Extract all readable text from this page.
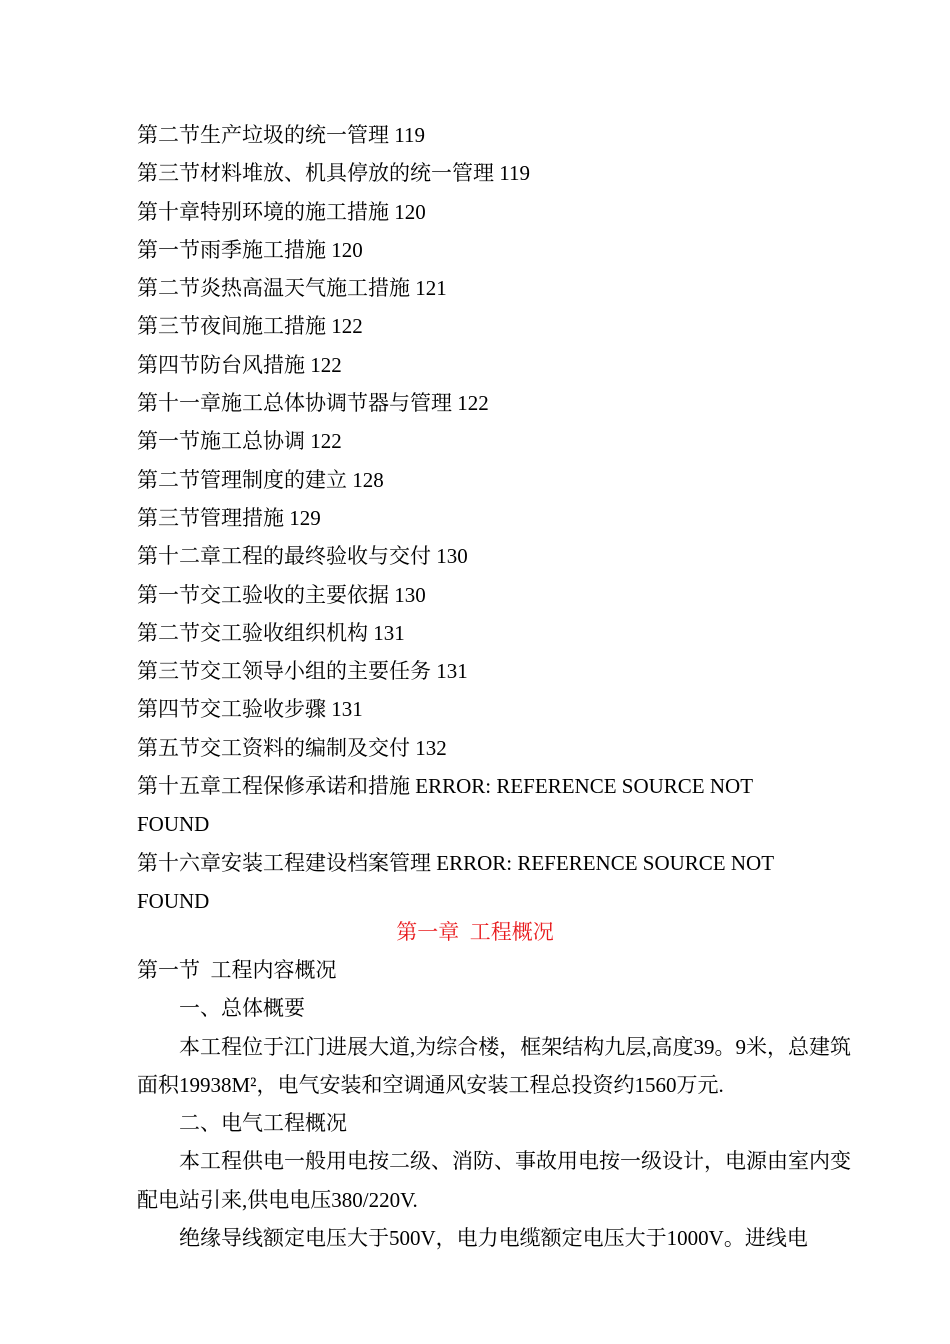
第二节生产垃圾的统一管理 119
第三节材料堆放、机具停放的统一管理 119
第十章特别环境的施工措施 120
第一节雨季施工措施 120
第二节炎热高温天气施工措施 121
第三节夜间施工措施 122
第四节防台风措施 122
第十一章施工总体协调节器与管理 122
第一节施工总协调 122
第二节管理制度的建立 128
第三节管理措施 129
第十二章工程的最终验收与交付 130
第一节交工验收的主要依据 130
第二节交工验收组织机构 131
第三节交工领导小组的主要任务 131
第四节交工验收步骤 131
第五节交工资料的编制及交付 132
第十五章工程保修承诺和措施 ERROR: REFERENCE SOURCE NOT FOUND
第十六章安装工程建设档案管理 ERROR: REFERENCE SOURCE NOT FOUND
第一章  工程概况

第一节  工程内容概况

一、总体概要

本工程位于江门进展大道,为综合楼，框架结构九层,高度39。9米，总建筑面积19938M²，电气安装和空调通风安装工程总投资约1560万元.

二、电气工程概况

本工程供电一般用电按二级、消防、事故用电按一级设计，电源由室内变配电站引来,供电电压380/220V.

绝缘导线额定电压大于500V，电力电缆额定电压大于1000V。进线电
